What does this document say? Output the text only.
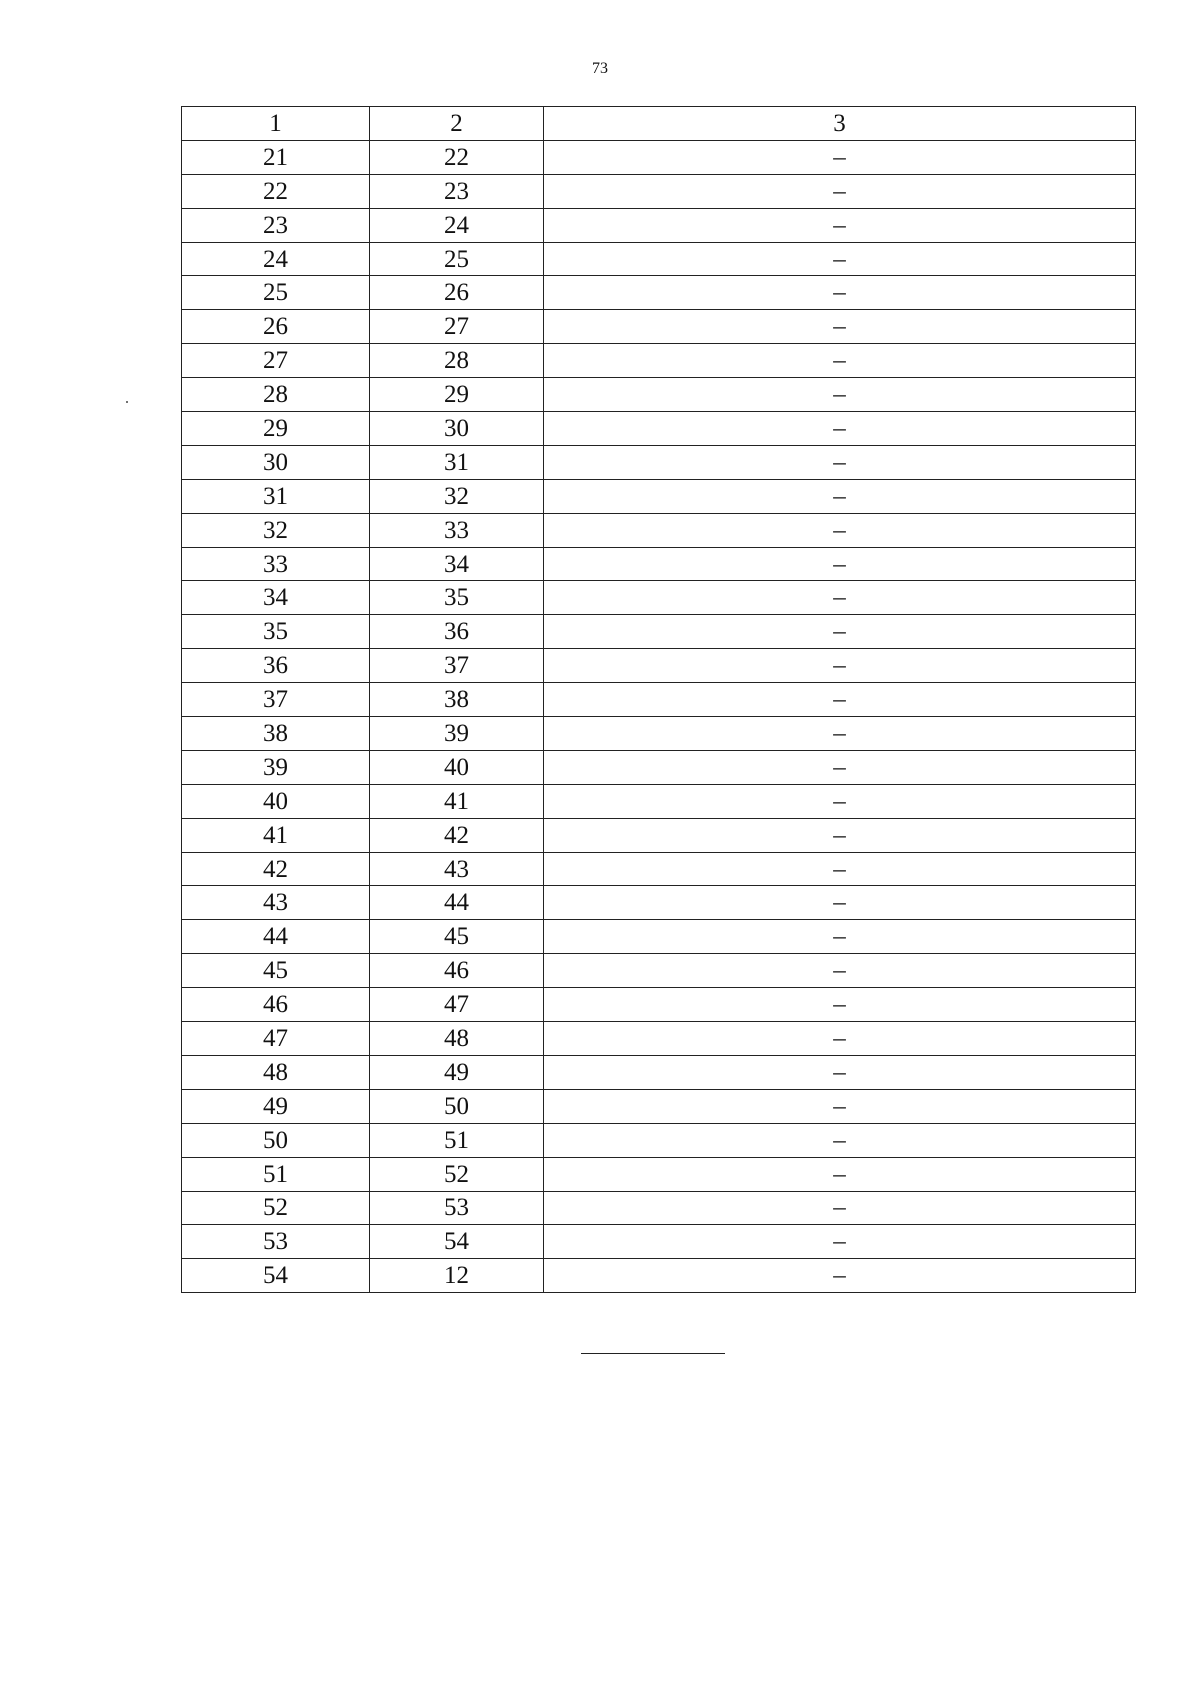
73
1	2	3
21	22	–
22	23	–
23	24	–
24	25	–
25	26	–
26	27	–
27	28	–
28	29	–
29	30	–
30	31	–
31	32	–
32	33	–
33	34	–
34	35	–
35	36	–
36	37	–
37	38	–
38	39	–
39	40	–
40	41	–
41	42	–
42	43	–
43	44	–
44	45	–
45	46	–
46	47	–
47	48	–
48	49	–
49	50	–
50	51	–
51	52	–
52	53	–
53	54	–
54	12	–
